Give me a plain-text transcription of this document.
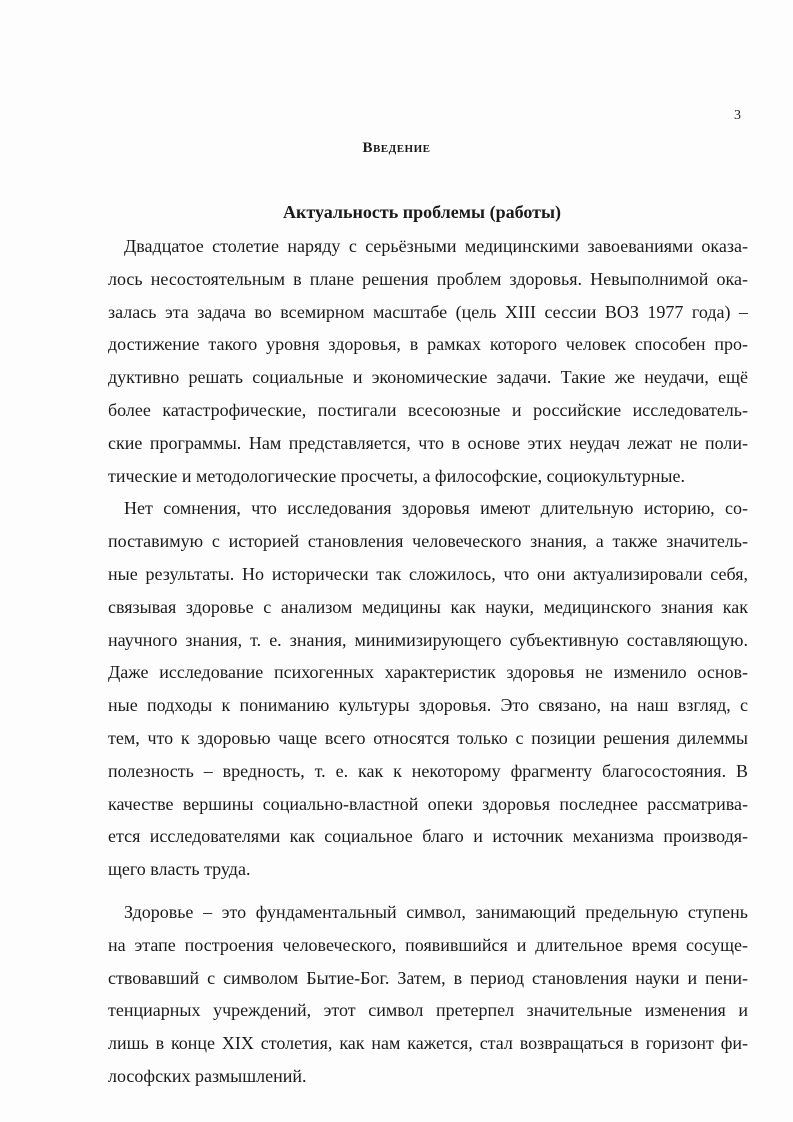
3
Введение
Актуальность проблемы (работы)
Двадцатое столетие наряду с серьёзными медицинскими завоеваниями оказа-
лось несостоятельным в плане решения проблем здоровья. Невыполнимой ока-
залась эта задача во всемирном масштабе (цель XIII сессии ВОЗ 1977 года) –
достижение такого уровня здоровья, в рамках которого человек способен про-
дуктивно решать социальные и экономические задачи. Такие же неудачи, ещё
более катастрофические, постигали всесоюзные и российские исследователь-
ские программы. Нам представляется, что в основе этих неудач лежат не поли-
тические и методологические просчеты, а философские, социокультурные.
Нет сомнения, что исследования здоровья имеют длительную историю, со-
поставимую с историей становления человеческого знания, а также значитель-
ные результаты. Но исторически так сложилось, что они актуализировали себя,
связывая здоровье с анализом медицины как науки, медицинского знания как
научного знания, т. е. знания, минимизирующего субъективную составляющую.
Даже исследование психогенных характеристик здоровья не изменило основ-
ные подходы к пониманию культуры здоровья. Это связано, на наш взгляд, с
тем, что к здоровью чаще всего относятся только с позиции решения дилеммы
полезность – вредность, т. е. как к некоторому фрагменту благосостояния. В
качестве вершины социально-властной опеки здоровья последнее рассматрива-
ется исследователями как социальное благо и источник механизма производя-
щего власть труда.
Здоровье – это фундаментальный символ, занимающий предельную ступень
на этапе построения человеческого, появившийся и длительное время сосуще-
ствовавший с символом Бытие-Бог. Затем, в период становления науки и пени-
тенциарных учреждений, этот символ претерпел значительные изменения и
лишь в конце XIX столетия, как нам кажется, стал возвращаться в горизонт фи-
лософских размышлений.
